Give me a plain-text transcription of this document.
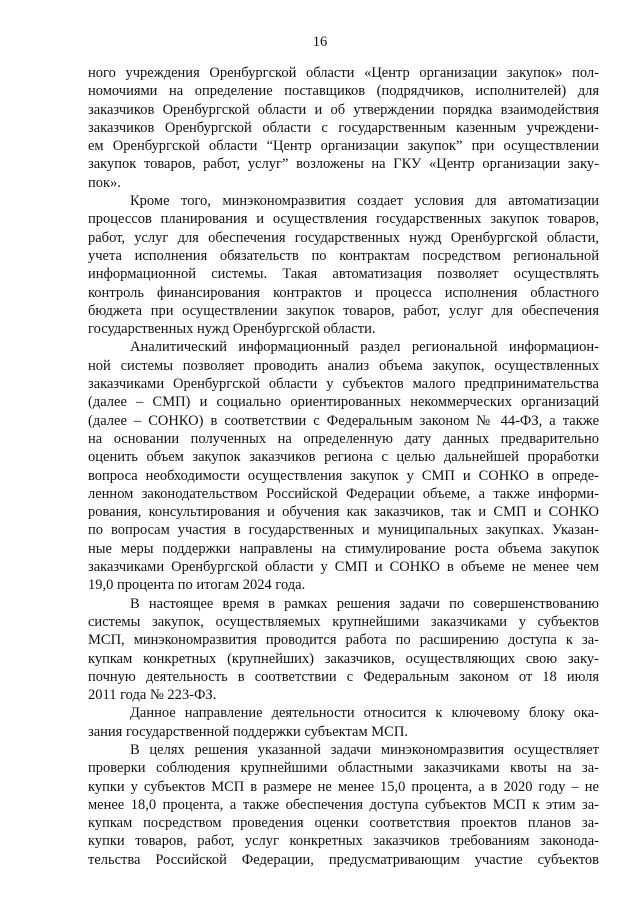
16
ного учреждения Оренбургской области «Центр организации закупок» пол-
номочиями на определение поставщиков (подрядчиков, исполнителей) для
заказчиков Оренбургской области и об утверждении порядка взаимодействия
заказчиков Оренбургской области с государственным казенным учреждени-
ем Оренбургской области “Центр организации закупок” при осуществлении
закупок товаров, работ, услуг” возложены на ГКУ «Центр организации заку-
пок».
Кроме того, минэкономразвития создает условия для автоматизации
процессов планирования и осуществления государственных закупок товаров,
работ, услуг для обеспечения государственных нужд Оренбургской области,
учета исполнения обязательств по контрактам посредством региональной
информационной системы. Такая автоматизация позволяет осуществлять
контроль финансирования контрактов и процесса исполнения областного
бюджета при осуществлении закупок товаров, работ, услуг для обеспечения
государственных нужд Оренбургской области.
Аналитический информационный раздел региональной информацион-
ной системы позволяет проводить анализ объема закупок, осуществленных
заказчиками Оренбургской области у субъектов малого предпринимательства
(далее – СМП) и социально ориентированных некоммерческих организаций
(далее – СОНКО) в соответствии с Федеральным законом № 44-ФЗ, а также
на основании полученных на определенную дату данных предварительно
оценить объем закупок заказчиков региона с целью дальнейшей проработки
вопроса необходимости осуществления закупок у СМП и СОНКО в опреде-
ленном законодательством Российской Федерации объеме, а также информи-
рования, консультирования и обучения как заказчиков, так и СМП и СОНКО
по вопросам участия в государственных и муниципальных закупках. Указан-
ные меры поддержки направлены на стимулирование роста объема закупок
заказчиками Оренбургской области у СМП и СОНКО в объеме не менее чем
19,0 процента по итогам 2024 года.
В настоящее время в рамках решения задачи по совершенствованию
системы закупок, осуществляемых крупнейшими заказчиками у субъектов
МСП, минэкономразвития проводится работа по расширению доступа к за-
купкам конкретных (крупнейших) заказчиков, осуществляющих свою заку-
почную деятельность в соответствии с Федеральным законом от 18 июля
2011 года № 223-ФЗ.
Данное направление деятельности относится к ключевому блоку ока-
зания государственной поддержки субъектам МСП.
В целях решения указанной задачи минэкономразвития осуществляет
проверки соблюдения крупнейшими областными заказчиками квоты на за-
купки у субъектов МСП в размере не менее 15,0 процента, а в 2020 году – не
менее 18,0 процента, а также обеспечения доступа субъектов МСП к этим за-
купкам посредством проведения оценки соответствия проектов планов за-
купки товаров, работ, услуг конкретных заказчиков требованиям законода-
тельства Российской Федерации, предусматривающим участие субъектов
